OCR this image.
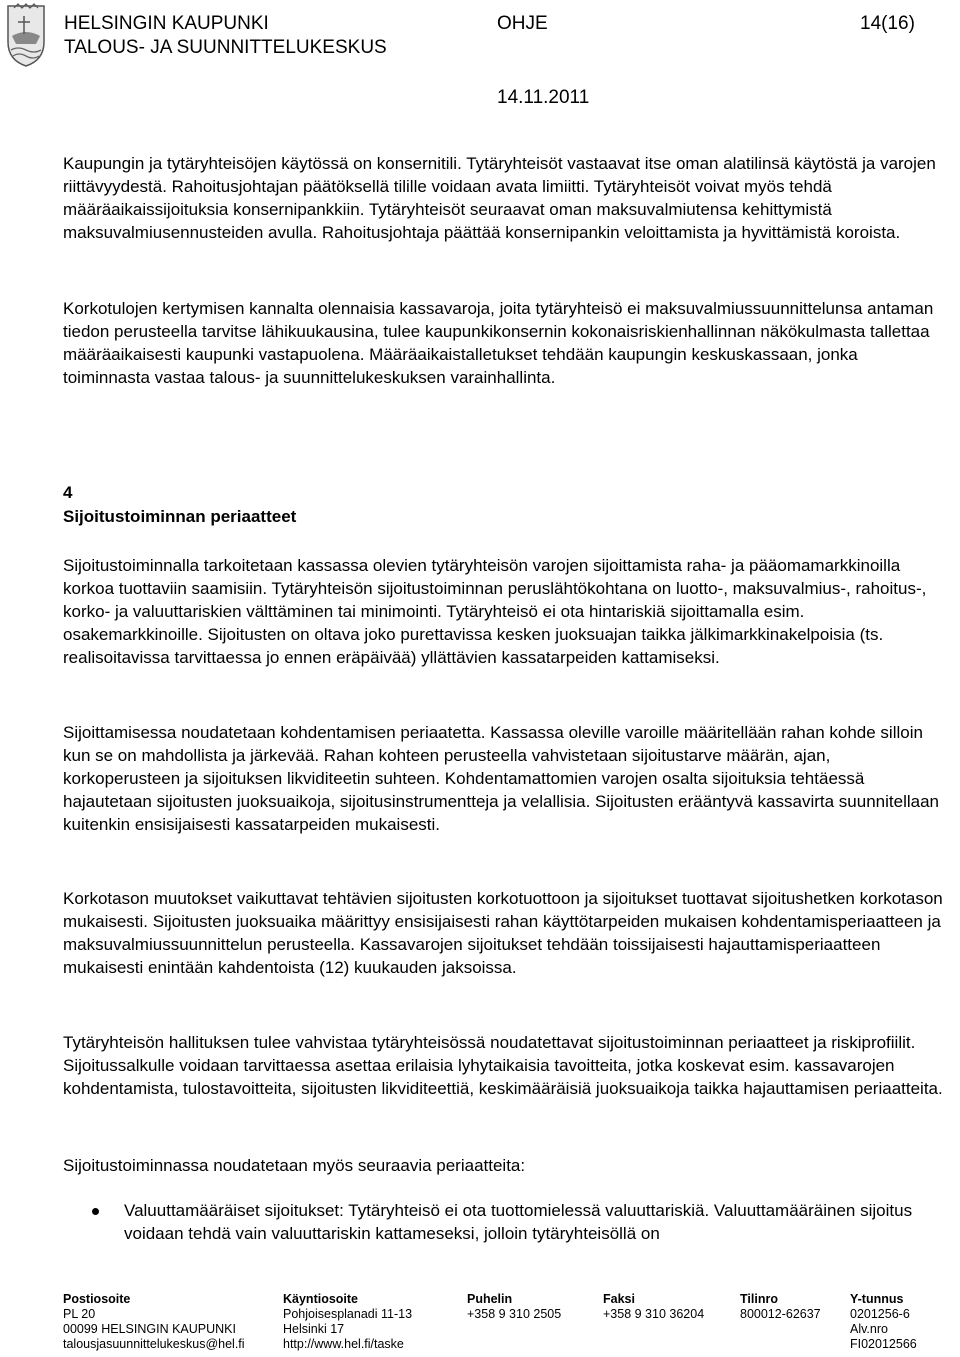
HELSINGIN KAUPUNKI
TALOUS- JA SUUNNITTELUKESKUS
OHJE	14(16)
14.11.2011

Kaupungin ja tytäryhteisöjen käytössä on konsernitili. Tytäryhteisöt vastaavat itse oman alatilinsä käytöstä ja varojen riittävyydestä. Rahoitusjohtajan päätöksellä tilille voidaan avata limiitti. Tytäryhteisöt voivat myös tehdä määräaikaissijoituksia konsernipankkiin. Tytäryhteisöt seuraavat oman maksuvalmiutensa kehittymistä maksuvalmiusennusteiden avulla. Rahoitusjohtaja päättää konsernipankin veloittamista ja hyvittämistä koroista.

Korkotulojen kertymisen kannalta olennaisia kassavaroja, joita tytäryhteisö ei maksuvalmiussuunnittelunsa antaman tiedon perusteella tarvitse lähikuukausina, tulee kaupunkikonsernin kokonaisriskienhallinnan näkökulmasta tallettaa määräaikaisesti kaupunki vastapuolena. Määräaikaistalletukset tehdään kaupungin keskuskassaan, jonka toiminnasta vastaa talous- ja suunnittelukeskuksen varainhallinta.

4
Sijoitustoiminnan periaatteet

Sijoitustoiminnalla tarkoitetaan kassassa olevien tytäryhteisön varojen sijoittamista raha- ja pääomamarkkinoilla korkoa tuottaviin saamisiin. Tytäryhteisön sijoitustoiminnan peruslähtökohtana on luotto-, maksuvalmius-, rahoitus-, korko- ja valuuttariskien välttäminen tai minimointi. Tytäryhteisö ei ota hintariskiä sijoittamalla esim. osakemarkkinoille. Sijoitusten on oltava joko purettavissa kesken juoksuajan taikka jälkimarkkinakelpoisia (ts. realisoitavissa tarvittaessa jo ennen eräpäivää) yllättävien kassatarpeiden kattamiseksi.

Sijoittamisessa noudatetaan kohdentamisen periaatetta. Kassassa oleville varoille määritellään rahan kohde silloin kun se on mahdollista ja järkevää. Rahan kohteen perusteella vahvistetaan sijoitustarve määrän, ajan, korkoperusteen ja sijoituksen likviditeetin suhteen. Kohdentamattomien varojen osalta sijoituksia tehtäessä hajautetaan sijoitusten juoksuaikoja, sijoitusinstrumentteja ja velallisia. Sijoitusten erääntyvä kassavirta suunnitellaan kuitenkin ensisijaisesti kassatarpeiden mukaisesti.

Korkotason muutokset vaikuttavat tehtävien sijoitusten korkotuottoon ja sijoitukset tuottavat sijoitushetken korkotason mukaisesti. Sijoitusten juoksuaika määrittyy ensisijaisesti rahan käyttötarpeiden mukaisen kohdentamisperiaatteen ja maksuvalmiussuunnittelun perusteella. Kassavarojen sijoitukset tehdään toissijaisesti hajauttamisperiaatteen mukaisesti enintään kahdentoista (12) kuukauden jaksoissa.

Tytäryhteisön hallituksen tulee vahvistaa tytäryhteisössä noudatettavat sijoitustoiminnan periaatteet ja riskiprofiilit. Sijoitussalkulle voidaan tarvittaessa asettaa erilaisia lyhytaikaisia tavoitteita, jotka koskevat esim. kassavarojen kohdentamista, tulostavoitteita, sijoitusten likviditeettiä, keskimääräisiä juoksuaikoja taikka hajauttamisen periaatteita.

Sijoitustoiminnassa noudatetaan myös seuraavia periaatteita:

Valuuttamääräiset sijoitukset: Tytäryhteisö ei ota tuottomielessä valuuttariskiä. Valuuttamääräinen sijoitus voidaan tehdä vain valuuttariskin kattameseksi, jolloin tytäryhteisöllä on
Postiosoite
PL 20
00099 HELSINGIN KAUPUNKI
talousjasuunnittelukeskus@hel.fi
Käyntiosoite
Pohjoisesplanadi 11-13
Helsinki 17
http://www.hel.fi/taske
Puhelin
+358 9 310 2505
Faksi
+358 9 310 36204
Tilinro
800012-62637
Y-tunnus
0201256-6
Alv.nro
FI02012566
